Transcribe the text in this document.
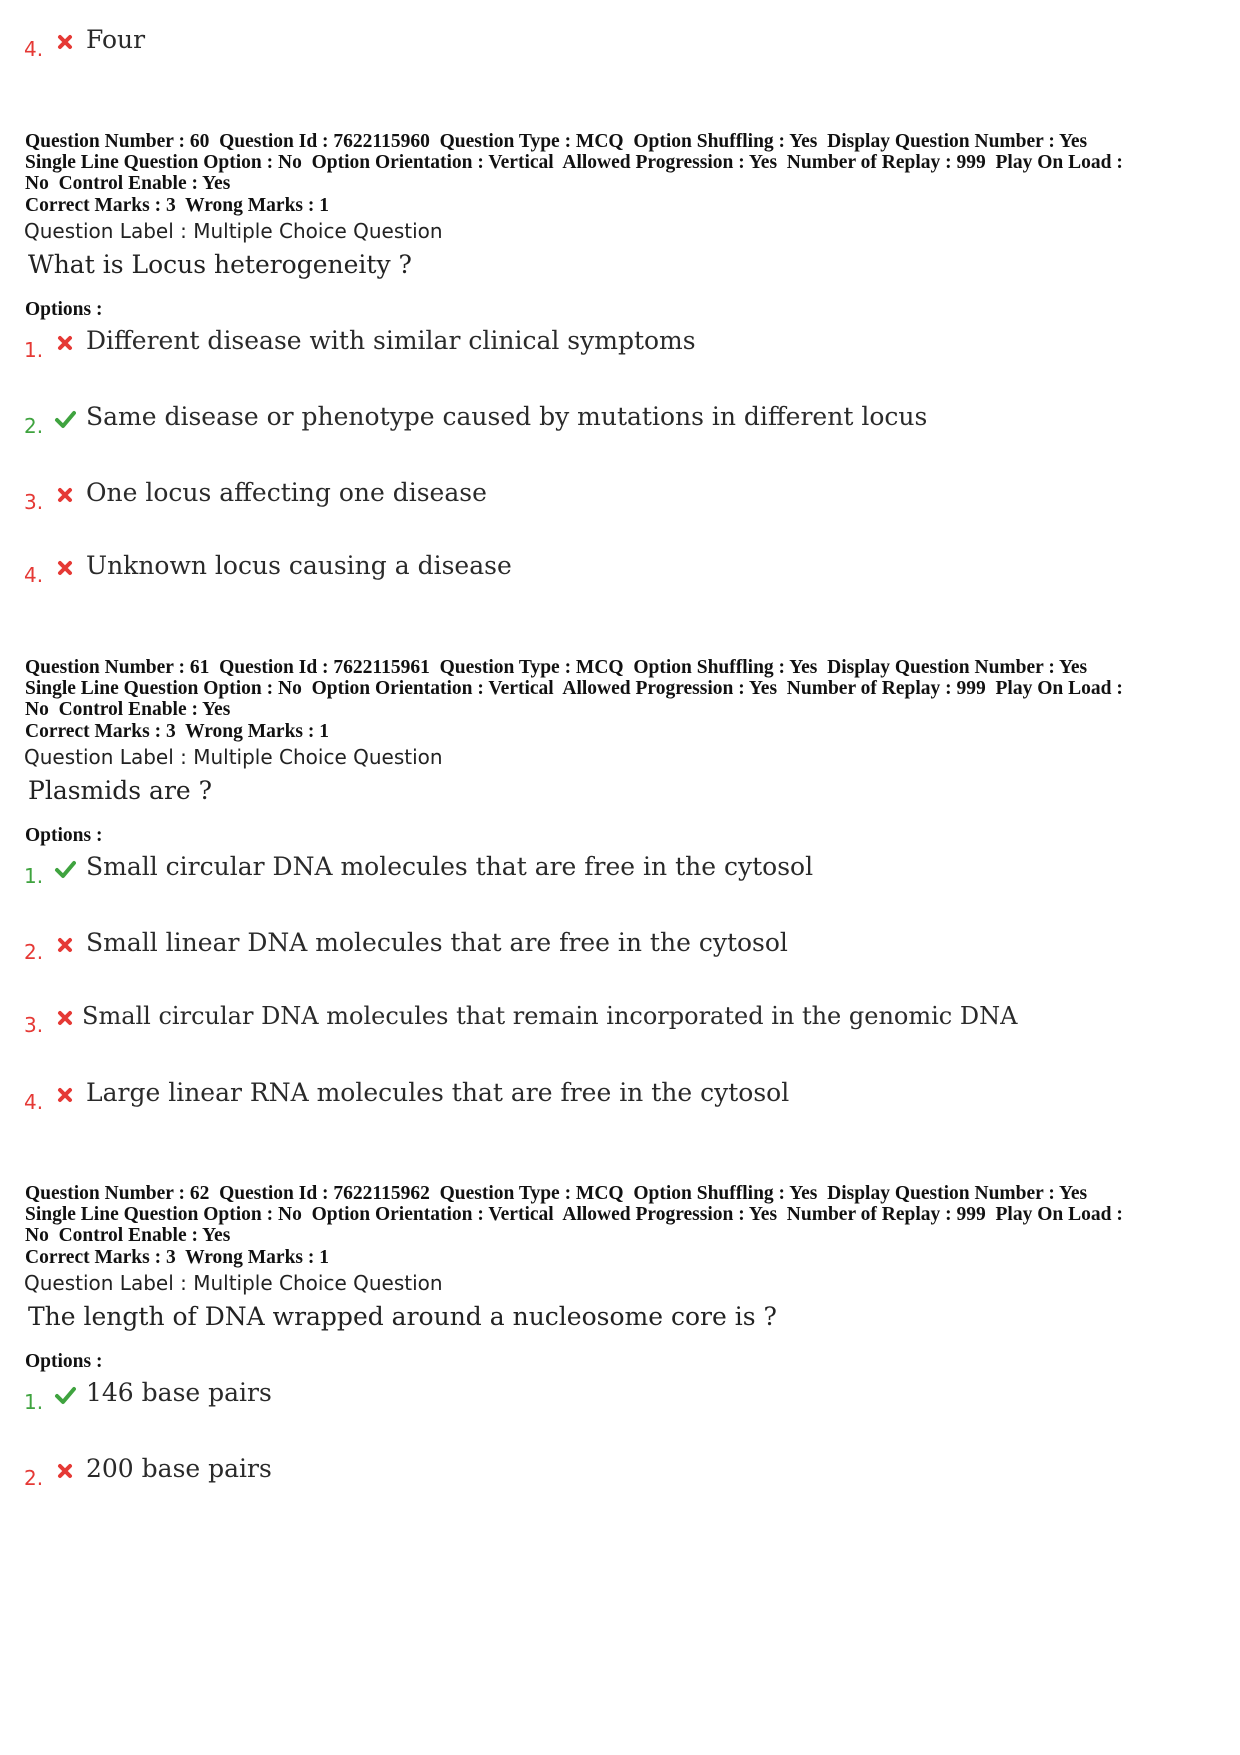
4. Four
Question Number : 60  Question Id : 7622115960  Question Type : MCQ  Option Shuffling : Yes  Display Question Number : Yes
Single Line Question Option : No  Option Orientation : Vertical  Allowed Progression : Yes  Number of Replay : 999  Play On Load :
No  Control Enable : Yes
Correct Marks : 3  Wrong Marks : 1
Question Label : Multiple Choice Question
What is Locus heterogeneity ?
Options :
1. Different disease with similar clinical symptoms
2. Same disease or phenotype caused by mutations in different locus
3. One locus affecting one disease
4. Unknown locus causing a disease
Question Number : 61  Question Id : 7622115961  Question Type : MCQ  Option Shuffling : Yes  Display Question Number : Yes
Single Line Question Option : No  Option Orientation : Vertical  Allowed Progression : Yes  Number of Replay : 999  Play On Load :
No  Control Enable : Yes
Correct Marks : 3  Wrong Marks : 1
Question Label : Multiple Choice Question
Plasmids are ?
Options :
1. Small circular DNA molecules that are free in the cytosol
2. Small linear DNA molecules that are free in the cytosol
3. Small circular DNA molecules that remain incorporated in the genomic DNA
4. Large linear RNA molecules that are free in the cytosol
Question Number : 62  Question Id : 7622115962  Question Type : MCQ  Option Shuffling : Yes  Display Question Number : Yes
Single Line Question Option : No  Option Orientation : Vertical  Allowed Progression : Yes  Number of Replay : 999  Play On Load :
No  Control Enable : Yes
Correct Marks : 3  Wrong Marks : 1
Question Label : Multiple Choice Question
The length of DNA wrapped around a nucleosome core is ?
Options :
1. 146 base pairs
2. 200 base pairs
